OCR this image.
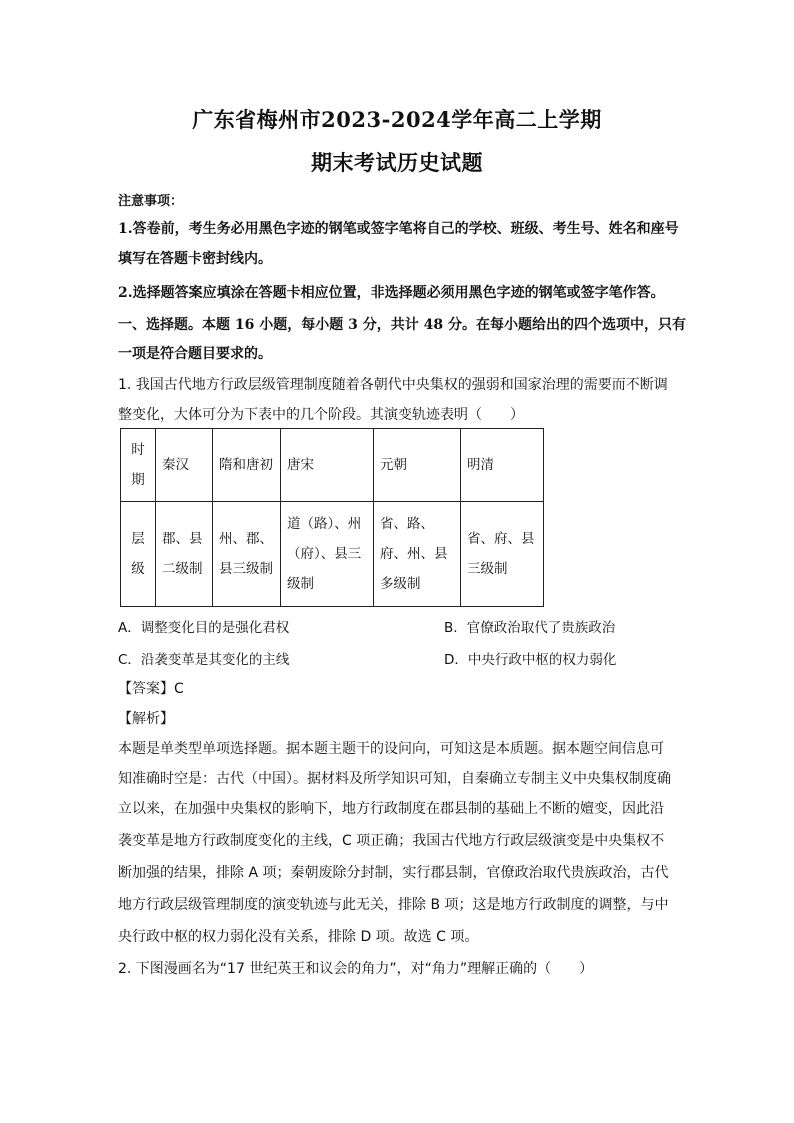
广东省梅州市2023-2024学年高二上学期
期末考试历史试题
注意事项：
1.答卷前，考生务必用黑色字迹的钢笔或签字笔将自己的学校、班级、考生号、姓名和座号
填写在答题卡密封线内。
2.选择题答案应填涂在答题卡相应位置，非选择题必须用黑色字迹的钢笔或签字笔作答。
一、选择题。本题 16 小题，每小题 3 分，共计 48 分。在每小题给出的四个选项中，只有
一项是符合题目要求的。
1. 我国古代地方行政层级管理制度随着各朝代中央集权的强弱和国家治理的需要而不断调
整变化，大体可分为下表中的几个阶段。其演变轨迹表明（　　）
时期	秦汉	隋和唐初	唐宋	元朝	明清
层级	郡、县二级制	州、郡、县三级制	道（路）、州（府）、县三级制	省、路、府、州、县多级制	省、府、县三级制
A．调整变化目的是强化君权	B．官僚政治取代了贵族政治
C．沿袭变革是其变化的主线	D．中央行政中枢的权力弱化
【答案】C
【解析】
本题是单类型单项选择题。据本题主题干的设问向，可知这是本质题。据本题空间信息可
知准确时空是：古代（中国）。据材料及所学知识可知，自秦确立专制主义中央集权制度确
立以来，在加强中央集权的影响下，地方行政制度在郡县制的基础上不断的嬗变，因此沿
袭变革是地方行政制度变化的主线，C 项正确；我国古代地方行政层级演变是中央集权不
断加强的结果，排除 A 项；秦朝废除分封制，实行郡县制，官僚政治取代贵族政治，古代
地方行政层级管理制度的演变轨迹与此无关，排除 B 项；这是地方行政制度的调整，与中
央行政中枢的权力弱化没有关系，排除 D 项。故选 C 项。
2. 下图漫画名为“17 世纪英王和议会的角力”，对“角力”理解正确的（　　）
